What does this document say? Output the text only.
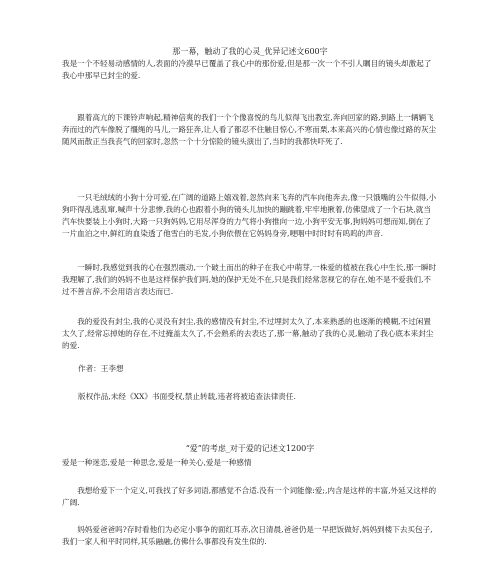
那一幕，触动了我的心灵_优异记述文600字

我是一个不轻易动感情的人,表面的冷漠早已覆盖了我心中的那份爱,但是那一次一个不引人瞩目的镜头却激起了我心中那早已封尘的爱.

跟着高亢的下课铃声响起,精神倍爽的我们一个个像喜悦的鸟儿似得飞出教室,奔向回家的路,到路上一辆辆飞奔而过的汽车像脱了缰绳的马儿,一路狂奔,让人看了都忍不住触目惊心,不寒而栗,本来高兴的心情也像过路的灰尘随风而散正当我丧气的回家时,忽然一个十分惊险的镜头演出了,当时的我都快吓死了.

一只毛绒绒的小狗十分可爱,在广阔的道路上嬉戏着,忽然向来飞奔的汽车向他奔去,像一只饿嘴的公牛似得,小狗吓得乱逃乱窜,喊声十分悲惨,我的心也跟着小狗的镜头儿加快的蹦跳着,牢牢地揪着,仿佛望成了一个石块,就当汽车快要装上小狗时,大路一只狗妈妈,它用尽浑身的力气将小狗推向一边,小狗平安无事,狗妈妈可想而知,倒在了一片血泊之中,鲜红的血染透了他雪白的毛发,小狗依偎在它妈妈身旁,哽咽中时时时有呜呜的声音.

一瞬时,我感觉到我的心在强烈震动,一个破土而出的种子在我心中萌芽,一株爱的植被在我心中生长,那一瞬时我理解了,我们的妈妈不也是这样保护我们吗,她的保护无处不在,只是我们经常忽视它的存在,她不是不爱我们,不过不善言辞,不会用语言表达而已.

我的爱没有封尘,我的心灵没有封尘,我的感情没有封尘,不过埋封太久了,本来熟悉的也逐渐的模糊,不过闲置太久了,经常忘掉她的存在,不过掩盖太久了,不会熟系的去表达了,那一幕,触动了我的心灵,触动了我心底本来封尘的爱.

作者：王李想
版权作品,未经《XX》书面受权,禁止转载,违者将被追查法律责任.
“爱”的考虑_对于爱的记述文1200字
爱是一种迷恋,爱是一种思念,爱是一种关心,爱是一种感情

我想给爱下一个定义,可我找了好多词语,都感觉不合适.没有一个词能像:爱;,内含是这样的丰富,外延又这样的广阔.

妈妈爱爸爸吗?存时看他们为必定小事争的面红耳赤,次日清晨,爸爸仍是一早把饭做好,妈妈到楼下去买包子,我们一家人和平时同样,其乐融融,仿佛什么事都没有发生似的.
